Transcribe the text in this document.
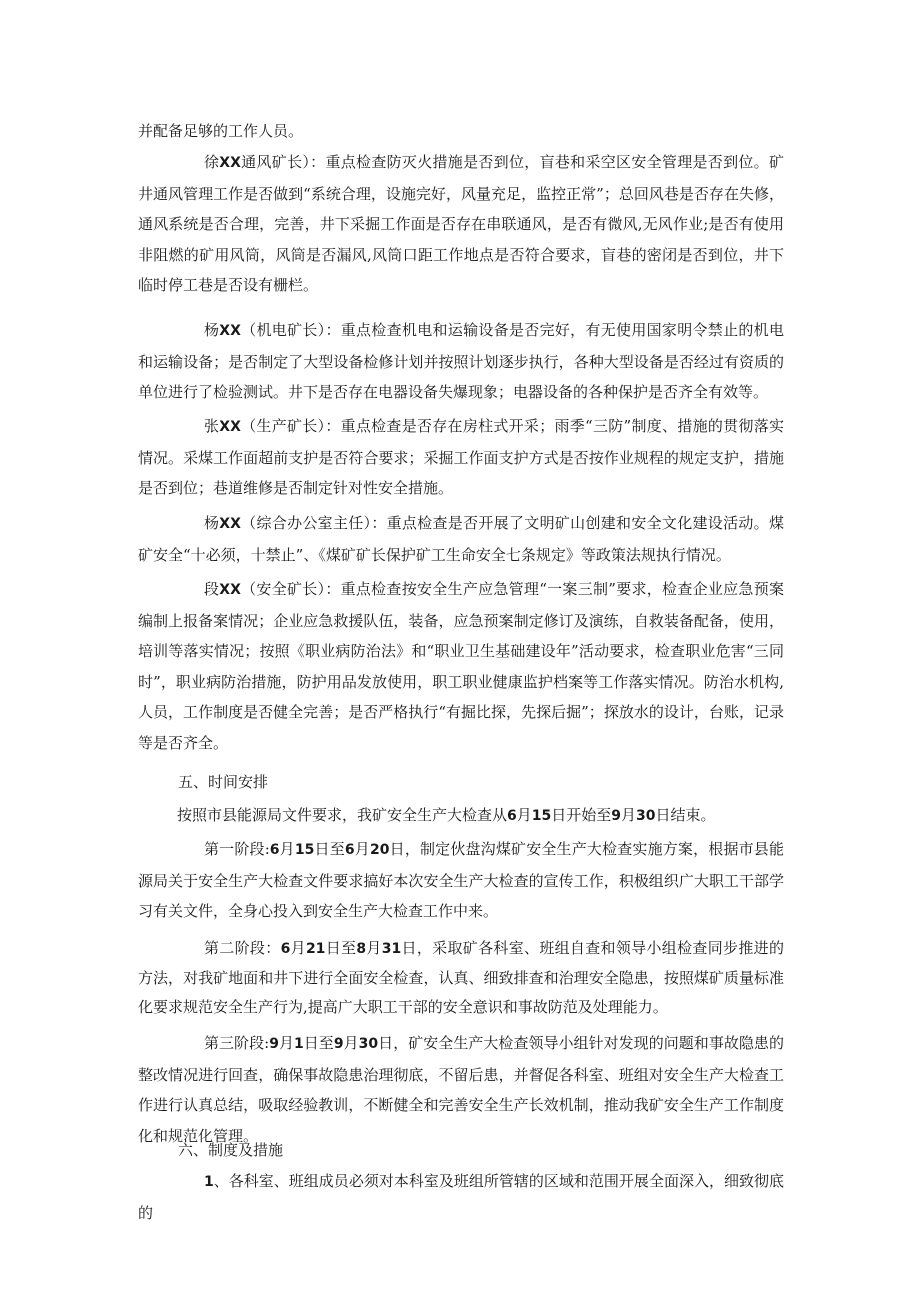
并配备足够的工作人员。

徐XX通风矿长）：重点检查防灭火措施是否到位，盲巷和采空区安全管理是否到位。矿井通风管理工作是否做到“系统合理，设施完好，风量充足，监控正常”；总回风巷是否存在失修，通风系统是否合理，完善，井下采掘工作面是否存在串联通风，是否有微风,无风作业;是否有使用非阻燃的矿用风筒，风筒是否漏风,风筒口距工作地点是否符合要求，盲巷的密闭是否到位，井下临时停工巷是否设有栅栏。

杨XX（机电矿长）：重点检查机电和运输设备是否完好，有无使用国家明令禁止的机电和运输设备；是否制定了大型设备检修计划并按照计划逐步执行，各种大型设备是否经过有资质的单位进行了检验测试。井下是否存在电器设备失爆现象；电器设备的各种保护是否齐全有效等。

张XX（生产矿长）：重点检查是否存在房柱式开采；雨季“三防”制度、措施的贯彻落实情况。采煤工作面超前支护是否符合要求；采掘工作面支护方式是否按作业规程的规定支护，措施是否到位；巷道维修是否制定针对性安全措施。

杨XX（综合办公室主任）：重点检查是否开展了文明矿山创建和安全文化建设活动。煤矿安全“十必须，十禁止”、《煤矿矿长保护矿工生命安全七条规定》等政策法规执行情况。

段XX（安全矿长）：重点检查按安全生产应急管理“一案三制”要求，检查企业应急预案编制上报备案情况；企业应急救援队伍，装备，应急预案制定修订及演练，自救装备配备，使用，培训等落实情况；按照《职业病防治法》和“职业卫生基础建设年”活动要求，检查职业危害“三同时”，职业病防治措施，防护用品发放使用，职工职业健康监护档案等工作落实情况。防治水机构,人员，工作制度是否健全完善；是否严格执行“有掘比探，先探后掘”；探放水的设计，台账，记录等是否齐全。

五、时间安排

按照市县能源局文件要求，我矿安全生产大检查从6月15日开始至9月30日结束。

第一阶段:6月15日至6月20日，制定伙盘沟煤矿安全生产大检查实施方案，根据市县能源局关于安全生产大检查文件要求搞好本次安全生产大检查的宣传工作，积极组织广大职工干部学习有关文件，全身心投入到安全生产大检查工作中来。

第二阶段：6月21日至8月31日，采取矿各科室、班组自查和领导小组检查同步推进的方法，对我矿地面和井下进行全面安全检查，认真、细致排查和治理安全隐患，按照煤矿质量标准化要求规范安全生产行为,提高广大职工干部的安全意识和事故防范及处理能力。

第三阶段:9月1日至9月30日，矿安全生产大检查领导小组针对发现的问题和事故隐患的整改情况进行回查，确保事故隐患治理彻底，不留后患，并督促各科室、班组对安全生产大检查工作进行认真总结，吸取经验教训，不断健全和完善安全生产长效机制，推动我矿安全生产工作制度化和规范化管理。

六、制度及措施

1、各科室、班组成员必须对本科室及班组所管辖的区域和范围开展全面深入，细致彻底的
